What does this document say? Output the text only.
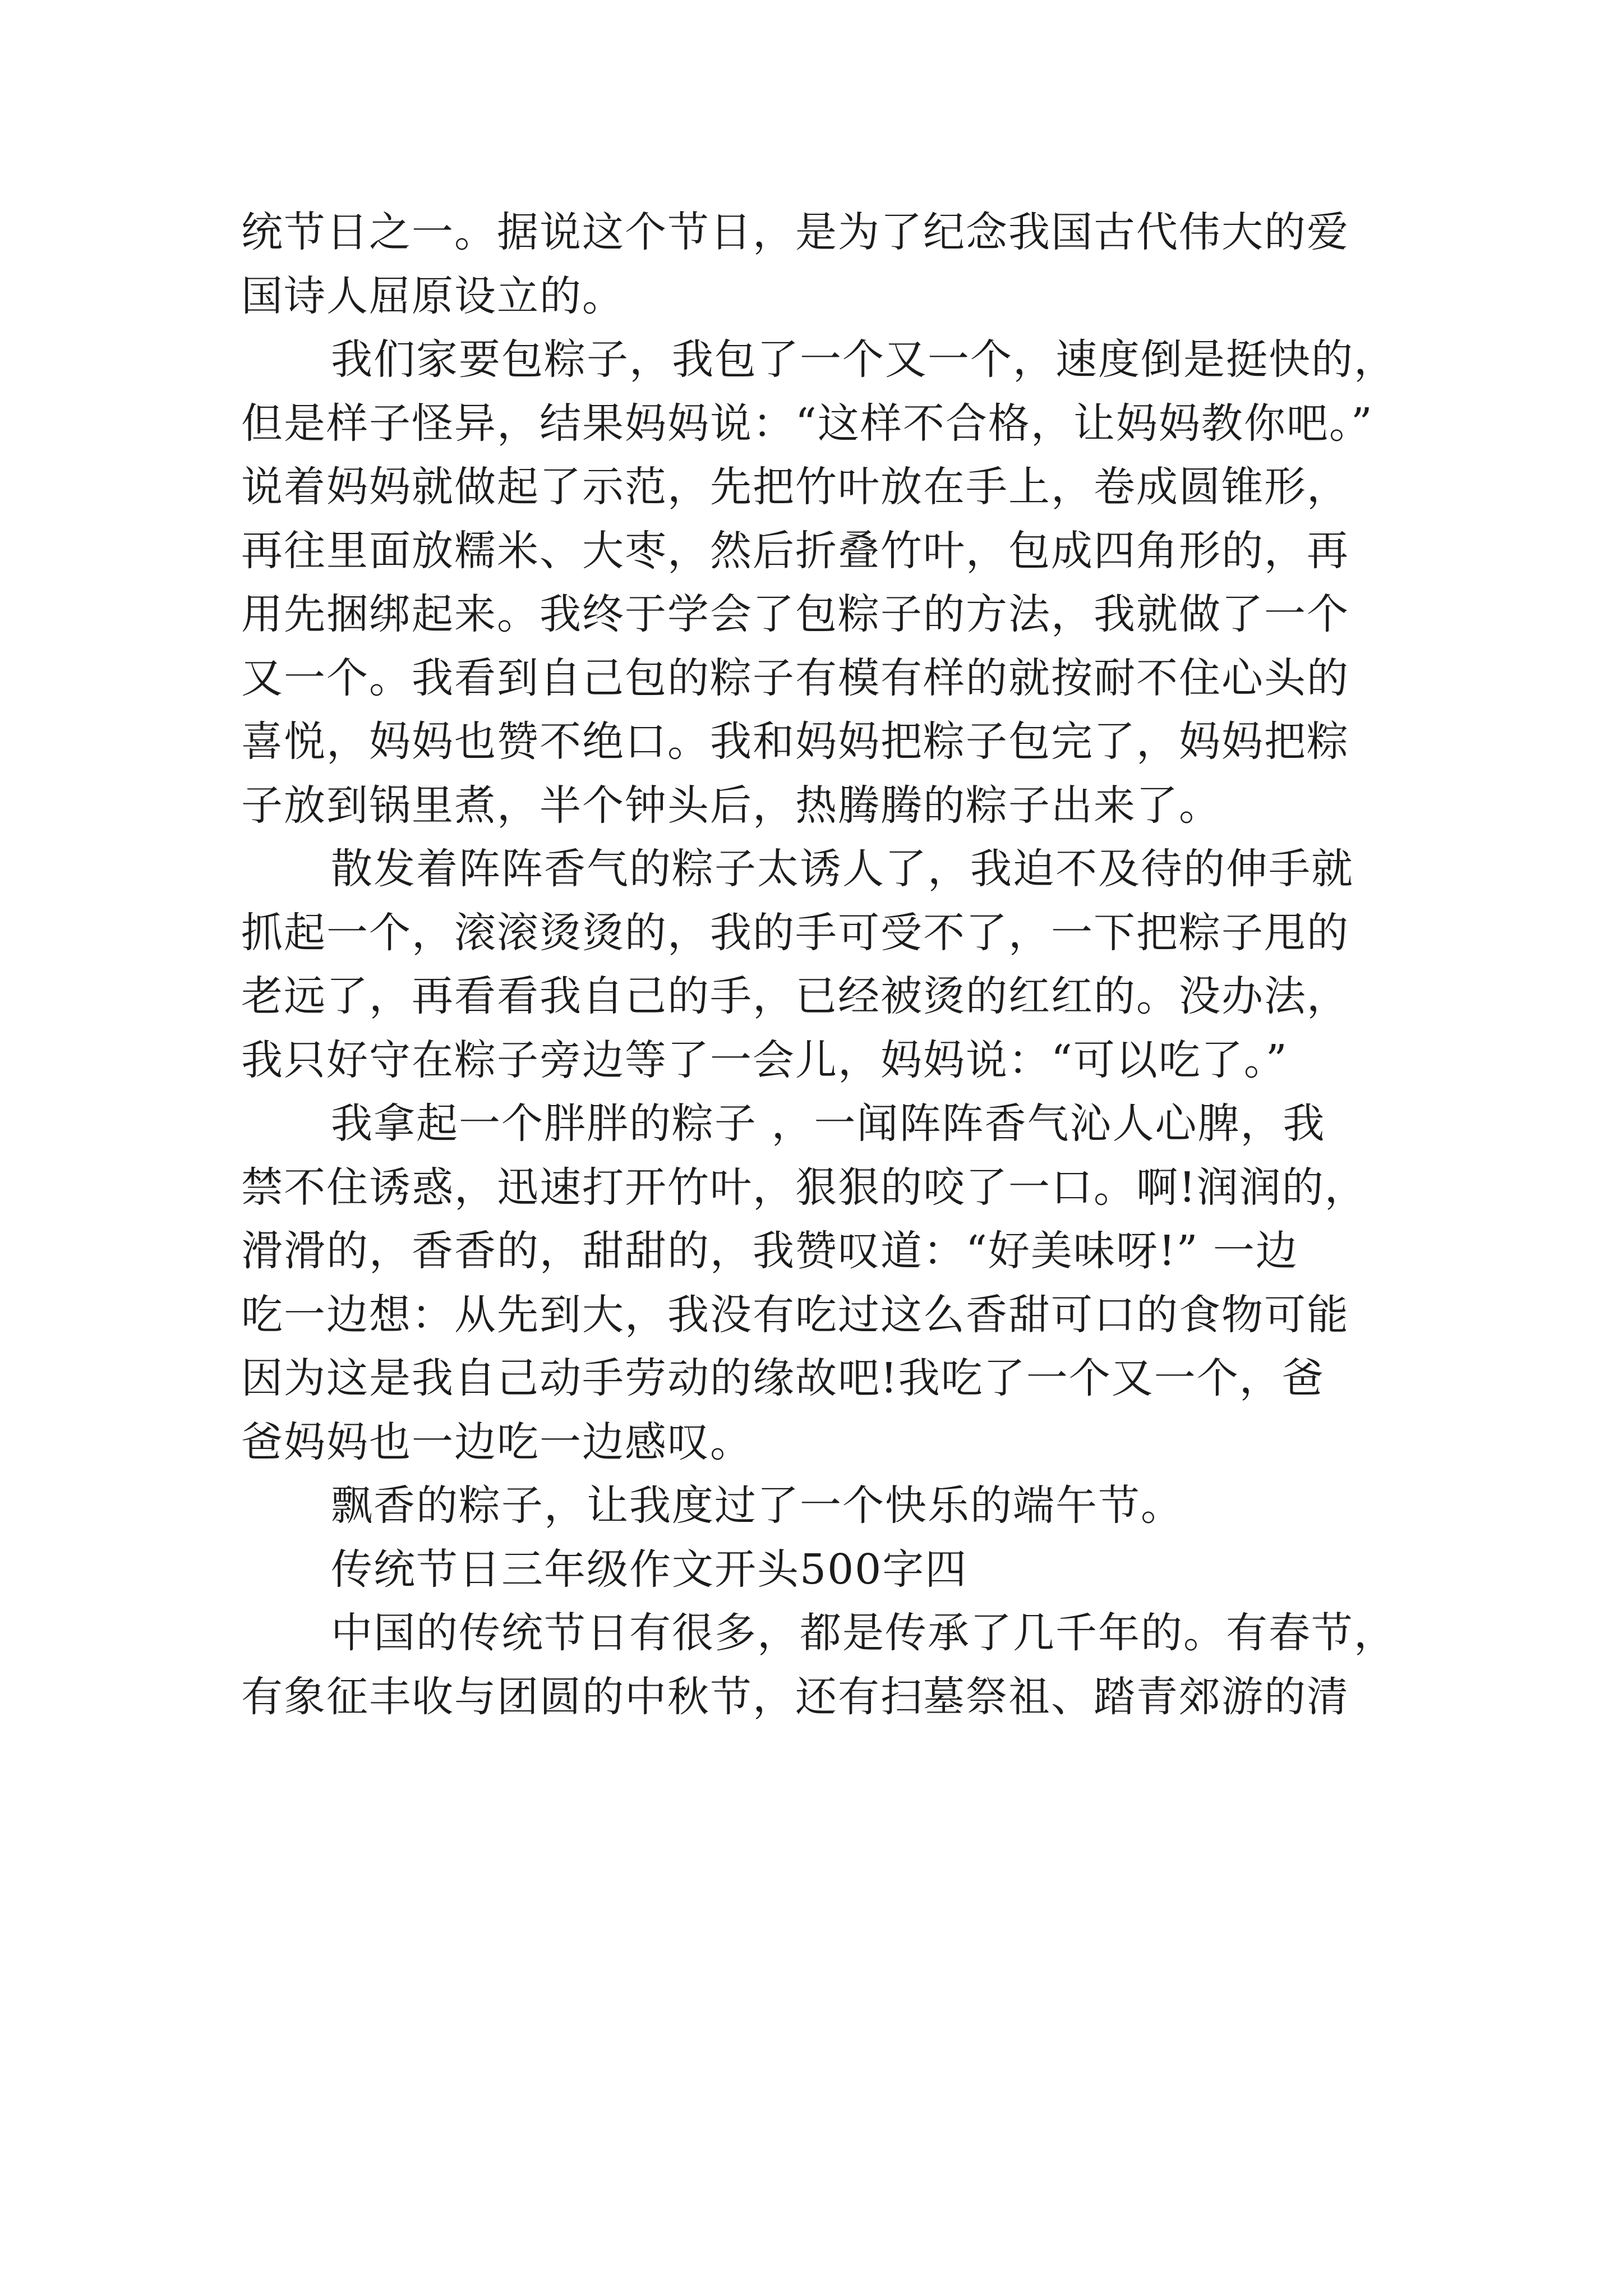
统节日之一。据说这个节日，是为了纪念我国古代伟大的爱
国诗人屈原设立的。
我们家要包粽子，我包了一个又一个，速度倒是挺快的，
但是样子怪异，结果妈妈说：“这样不合格，让妈妈教你吧。”
说着妈妈就做起了示范，先把竹叶放在手上，卷成圆锥形，
再往里面放糯米、大枣，然后折叠竹叶，包成四角形的，再
用先捆绑起来。我终于学会了包粽子的方法，我就做了一个
又一个。我看到自己包的粽子有模有样的就按耐不住心头的
喜悦，妈妈也赞不绝口。我和妈妈把粽子包完了，妈妈把粽
子放到锅里煮，半个钟头后，热腾腾的粽子出来了。
散发着阵阵香气的粽子太诱人了，我迫不及待的伸手就
抓起一个，滚滚烫烫的，我的手可受不了，一下把粽子甩的
老远了，再看看我自己的手，已经被烫的红红的。没办法，
我只好守在粽子旁边等了一会儿，妈妈说：“可以吃了。”
我拿起一个胖胖的粽子 ，一闻阵阵香气沁人心脾，我
禁不住诱惑，迅速打开竹叶，狠狠的咬了一口。啊!润润的，
滑滑的，香香的，甜甜的，我赞叹道：“好美味呀!” 一边
吃一边想：从先到大，我没有吃过这么香甜可口的食物可能
因为这是我自己动手劳动的缘故吧!我吃了一个又一个，爸
爸妈妈也一边吃一边感叹。
飘香的粽子，让我度过了一个快乐的端午节。
传统节日三年级作文开头500字四
中国的传统节日有很多，都是传承了几千年的。有春节，
有象征丰收与团圆的中秋节，还有扫墓祭祖、踏青郊游的清
